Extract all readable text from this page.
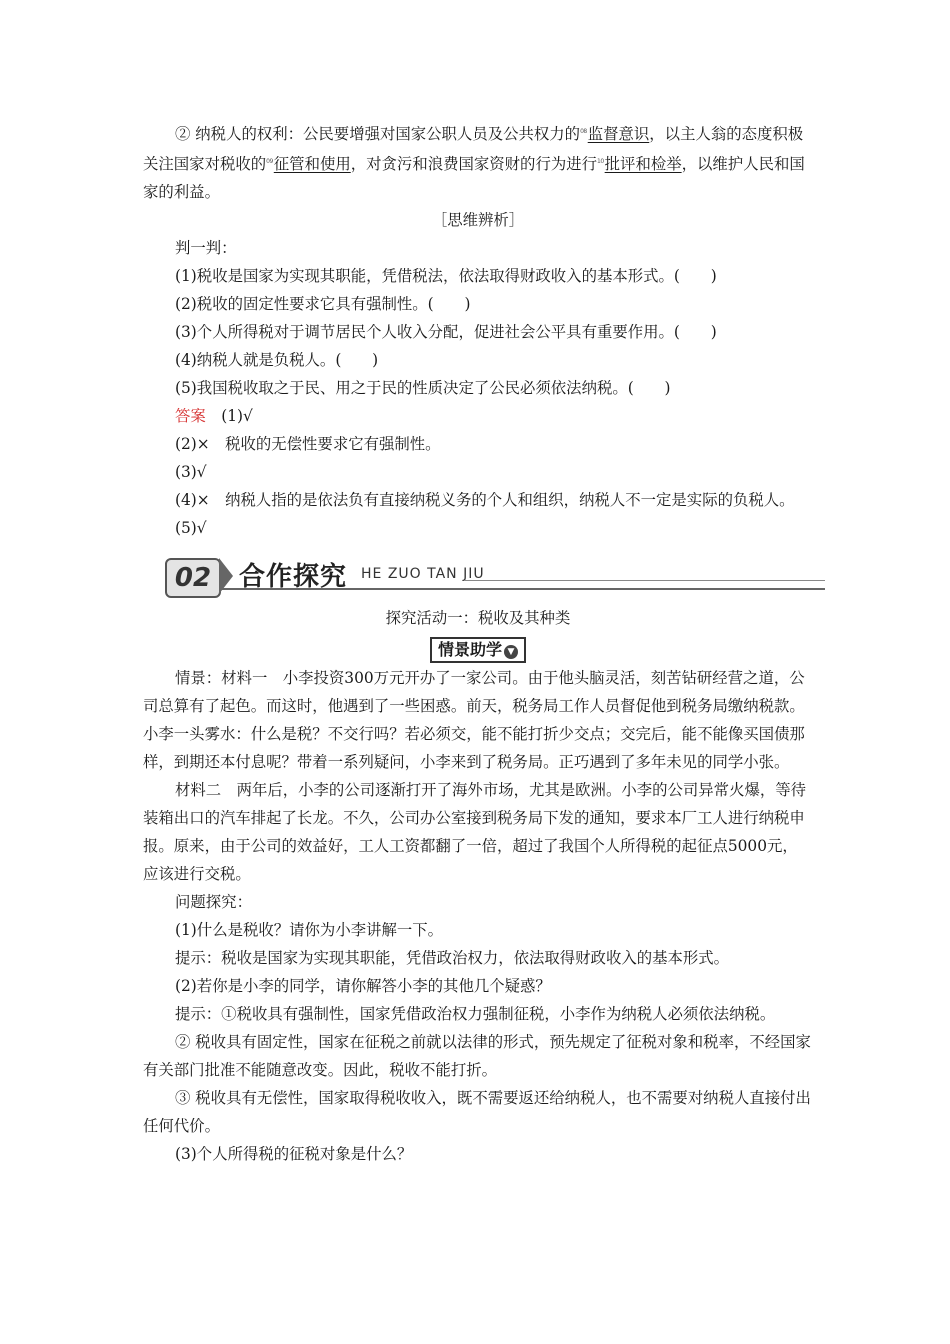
② 纳税人的权利：公民要增强对国家公职人员及公共权力的$^{08}$监督意识，以主人翁的态度积极关注国家对税收的$^{09}$征管和使用，对贪污和浪费国家资财的行为进行$^{10}$批评和检举，以维护人民和国家的利益。

［思维辨析］

判一判：

(1)税收是国家为实现其职能，凭借税法，依法取得财政收入的基本形式。(　　)

(2)税收的固定性要求它具有强制性。(　　)

(3)个人所得税对于调节居民个人收入分配，促进社会公平具有重要作用。(　　)

(4)纳税人就是负税人。(　　)

(5)我国税收取之于民、用之于民的性质决定了公民必须依法纳税。(　　)

答案　 (1)√

(2)×　税收的无偿性要求它有强制性。

(3)√

(4)×　纳税人指的是依法负有直接纳税义务的个人和组织，纳税人不一定是实际的负税人。

(5)√

02	合作探究 HE ZUO TAN JIU

探究活动一：税收及其种类

情景助学 ▼

情景：材料一　小李投资300万元开办了一家公司。由于他头脑灵活，刻苦钻研经营之道，公司总算有了起色。而这时，他遇到了一些困惑。前天，税务局工作人员督促他到税务局缴纳税款。小李一头雾水：什么是税？不交行吗？若必须交，能不能打折少交点；交完后，能不能像买国债那样，到期还本付息呢？带着一系列疑问，小李来到了税务局。正巧遇到了多年未见的同学小张。

材料二　两年后，小李的公司逐渐打开了海外市场，尤其是欧洲。小李的公司异常火爆，等待装箱出口的汽车排起了长龙。不久，公司办公室接到税务局下发的通知，要求本厂工人进行纳税申报。原来，由于公司的效益好，工人工资都翻了一倍，超过了我国个人所得税的起征点5000元，应该进行交税。

问题探究：

(1)什么是税收？请你为小李讲解一下。

提示：税收是国家为实现其职能，凭借政治权力，依法取得财政收入的基本形式。

(2)若你是小李的同学，请你解答小李的其他几个疑惑？

提示：①税收具有强制性，国家凭借政治权力强制征税，小李作为纳税人必须依法纳税。

② 税收具有固定性，国家在征税之前就以法律的形式，预先规定了征税对象和税率，不经国家有关部门批准不能随意改变。因此，税收不能打折。

③ 税收具有无偿性，国家取得税收收入，既不需要返还给纳税人，也不需要对纳税人直接付出任何代价。

(3)个人所得税的征税对象是什么？
